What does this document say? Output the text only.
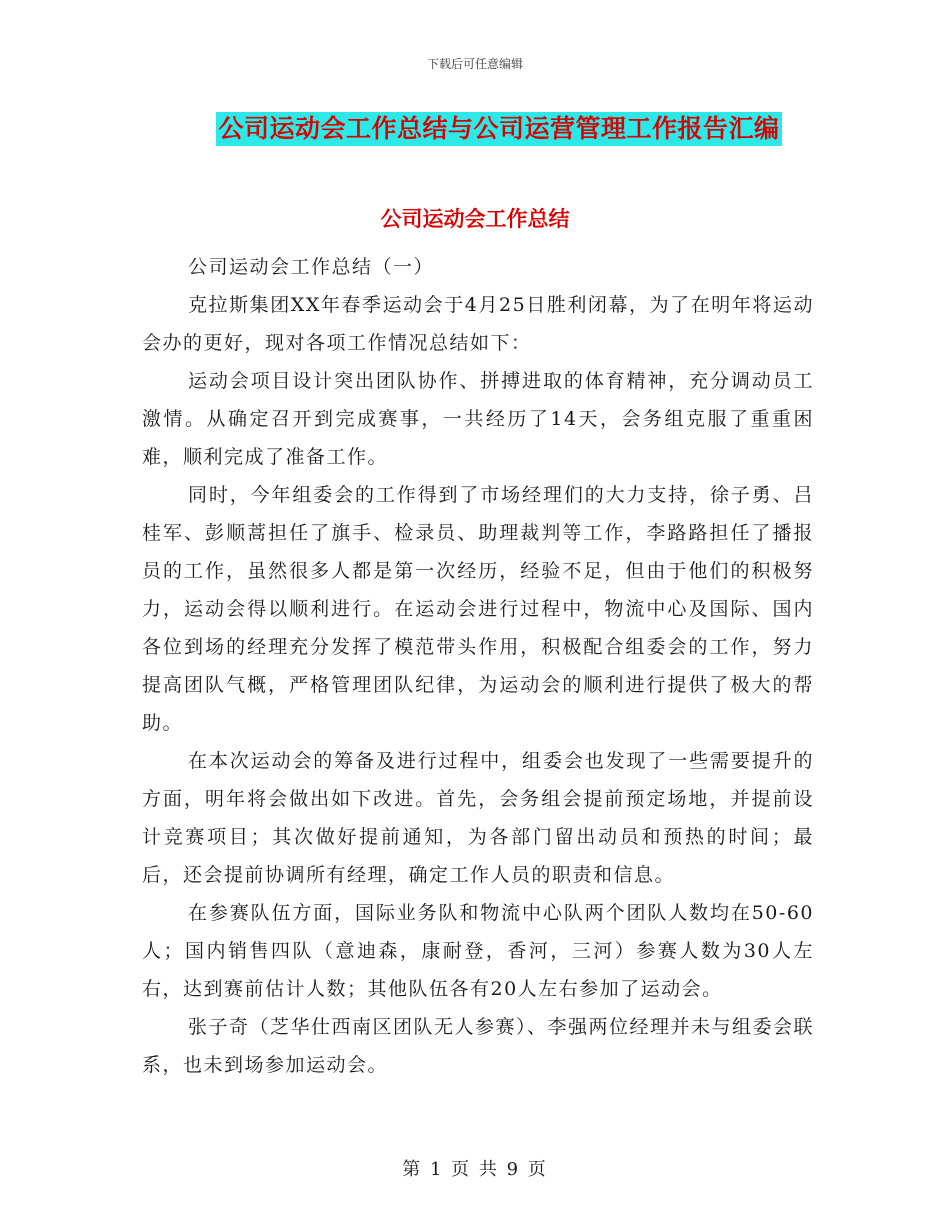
下载后可任意编辑
公司运动会工作总结与公司运营管理工作报告汇编
公司运动会工作总结

公司运动会工作总结（一）

克拉斯集团XX年春季运动会于4月25日胜利闭幕，为了在明年将运动会办的更好，现对各项工作情况总结如下：

运动会项目设计突出团队协作、拼搏进取的体育精神，充分调动员工激情。从确定召开到完成赛事，一共经历了14天，会务组克服了重重困难，顺利完成了准备工作。

同时，今年组委会的工作得到了市场经理们的大力支持，徐子勇、吕桂军、彭顺蒿担任了旗手、检录员、助理裁判等工作，李路路担任了播报员的工作，虽然很多人都是第一次经历，经验不足，但由于他们的积极努力，运动会得以顺利进行。在运动会进行过程中，物流中心及国际、国内各位到场的经理充分发挥了模范带头作用，积极配合组委会的工作，努力提高团队气概，严格管理团队纪律，为运动会的顺利进行提供了极大的帮助。

在本次运动会的筹备及进行过程中，组委会也发现了一些需要提升的方面，明年将会做出如下改进。首先，会务组会提前预定场地，并提前设计竞赛项目；其次做好提前通知，为各部门留出动员和预热的时间；最后，还会提前协调所有经理，确定工作人员的职责和信息。

在参赛队伍方面，国际业务队和物流中心队两个团队人数均在50-60人；国内销售四队（意迪森，康耐登，香河，三河）参赛人数为30人左右，达到赛前估计人数；其他队伍各有20人左右参加了运动会。

张子奇（芝华仕西南区团队无人参赛）、李强两位经理并未与组委会联系，也未到场参加运动会。

第 1 页 共 9 页
